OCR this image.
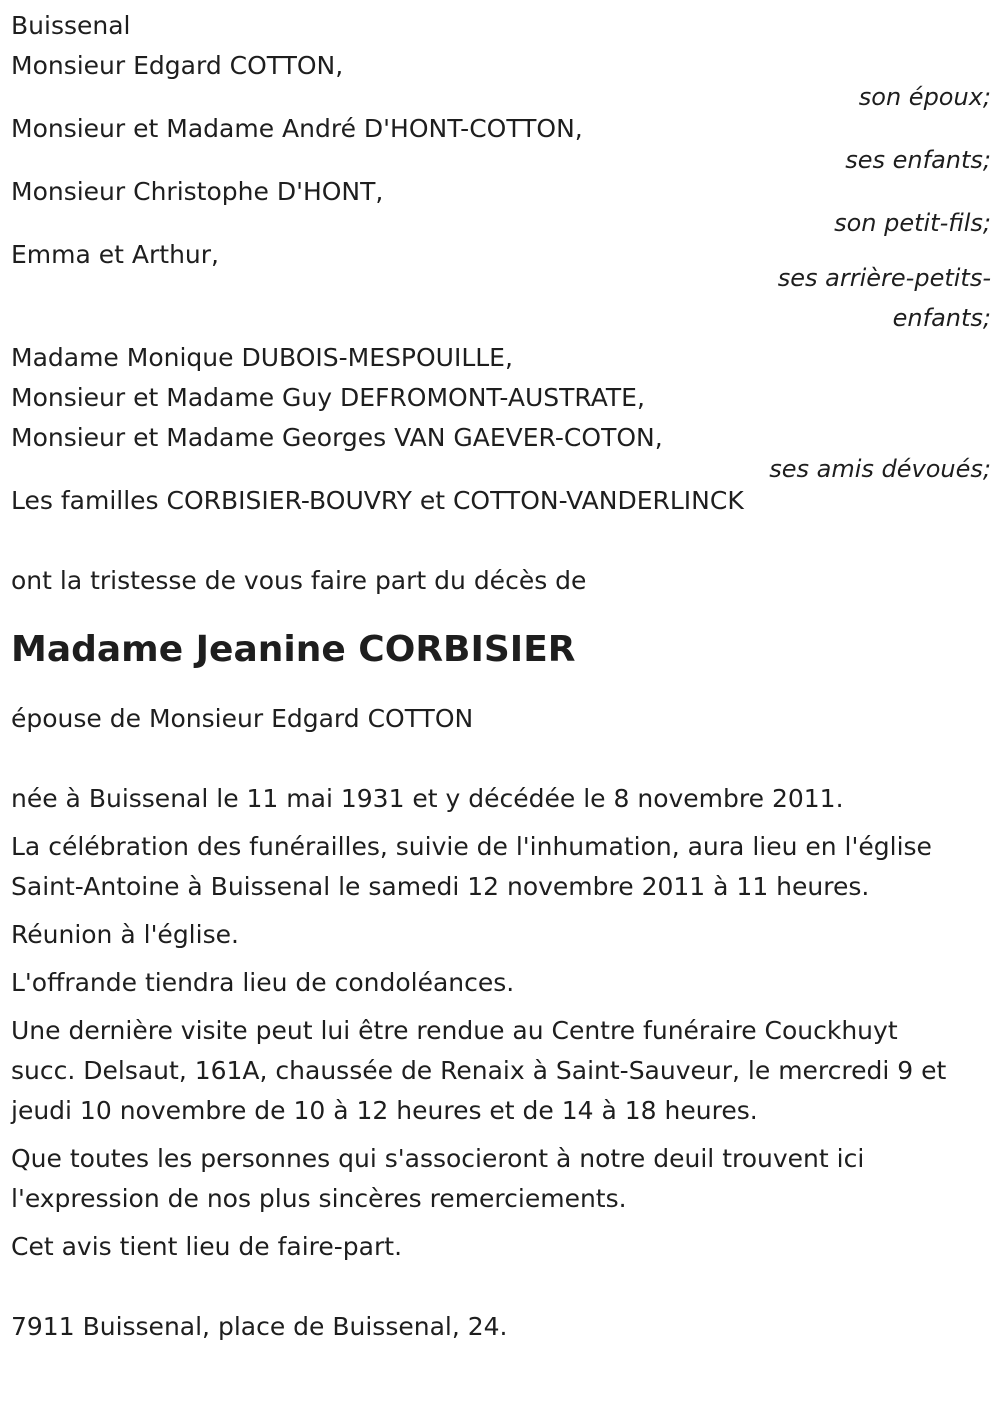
Buissenal
Monsieur Edgard COTTON,
son époux;
Monsieur et Madame André D'HONT-COTTON,
ses enfants;
Monsieur Christophe D'HONT,
son petit-fils;
Emma et Arthur,
ses arrière-petits-
enfants;
Madame Monique DUBOIS-MESPOUILLE,
Monsieur et Madame Guy DEFROMONT-AUSTRATE,
Monsieur et Madame Georges VAN GAEVER-COTON,
ses amis dévoués;
Les familles CORBISIER-BOUVRY et COTTON-VANDERLINCK
ont la tristesse de vous faire part du décès de
Madame Jeanine CORBISIER
épouse de Monsieur Edgard COTTON
née à Buissenal le 11 mai 1931 et y décédée le 8 novembre 2011.
La célébration des funérailles, suivie de l'inhumation, aura lieu en l'église
Saint-Antoine à Buissenal le samedi 12 novembre 2011 à 11 heures.
Réunion à l'église.
L'offrande tiendra lieu de condoléances.
Une dernière visite peut lui être rendue au Centre funéraire Couckhuyt
succ. Delsaut, 161A, chaussée de Renaix à Saint-Sauveur, le mercredi 9 et
jeudi 10 novembre de 10 à 12 heures et de 14 à 18 heures.
Que toutes les personnes qui s'associeront à notre deuil trouvent ici
l'expression de nos plus sincères remerciements.
Cet avis tient lieu de faire-part.
7911 Buissenal, place de Buissenal, 24.
